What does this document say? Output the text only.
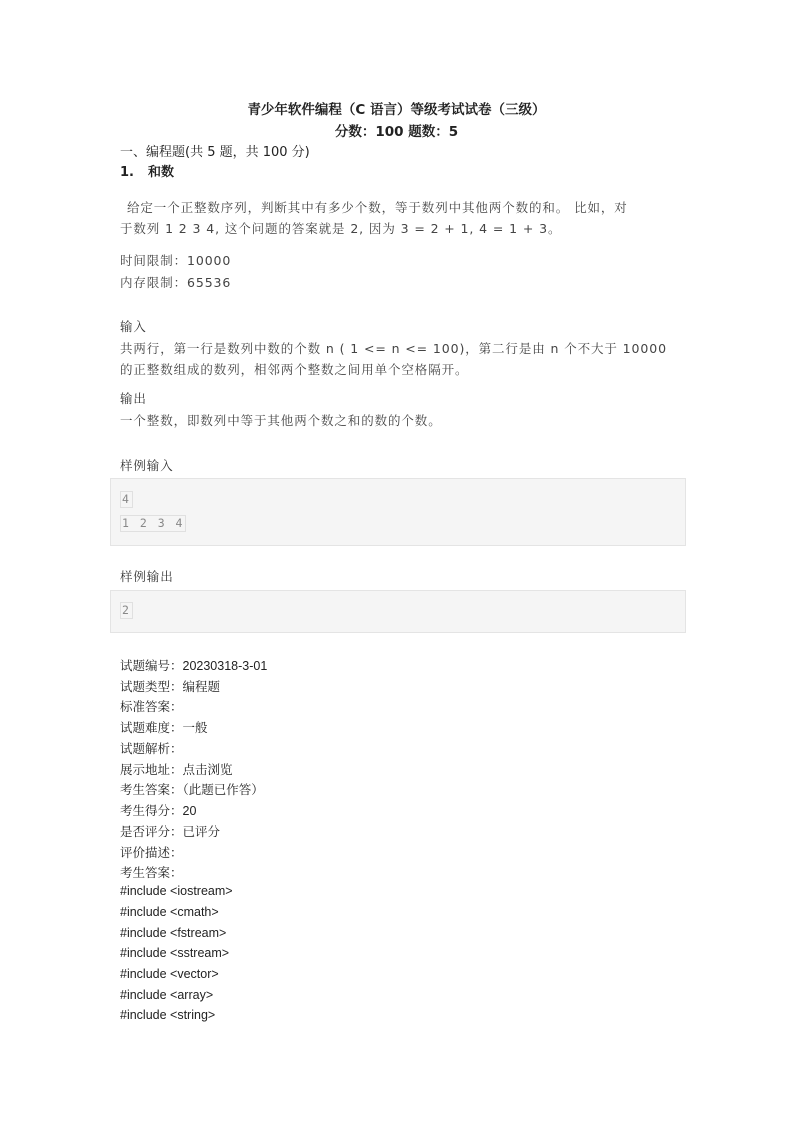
青少年软件编程（C 语言）等级考试试卷（三级）
分数：100 题数：5
一、编程题(共 5 题，共 100 分)
1. 和数
给定一个正整数序列，判断其中有多少个数，等于数列中其他两个数的和。 比如，对
于数列 1 2 3 4, 这个问题的答案就是 2, 因为 3 = 2 + 1, 4 = 1 + 3。
时间限制：10000
内存限制：65536
输入
共两行，第一行是数列中数的个数 n ( 1 <= n <= 100)，第二行是由 n 个不大于 10000
的正整数组成的数列，相邻两个整数之间用单个空格隔开。
输出
一个整数，即数列中等于其他两个数之和的数的个数。
样例输入
4
1 2 3 4
样例输出
2
试题编号：20230318-3-01
试题类型：编程题
标准答案：
试题难度：一般
试题解析：
展示地址：点击浏览
考生答案：（此题已作答）
考生得分：20
是否评分：已评分
评价描述：
考生答案：
#include <iostream>
#include <cmath>
#include <fstream>
#include <sstream>
#include <vector>
#include <array>
#include <string>
